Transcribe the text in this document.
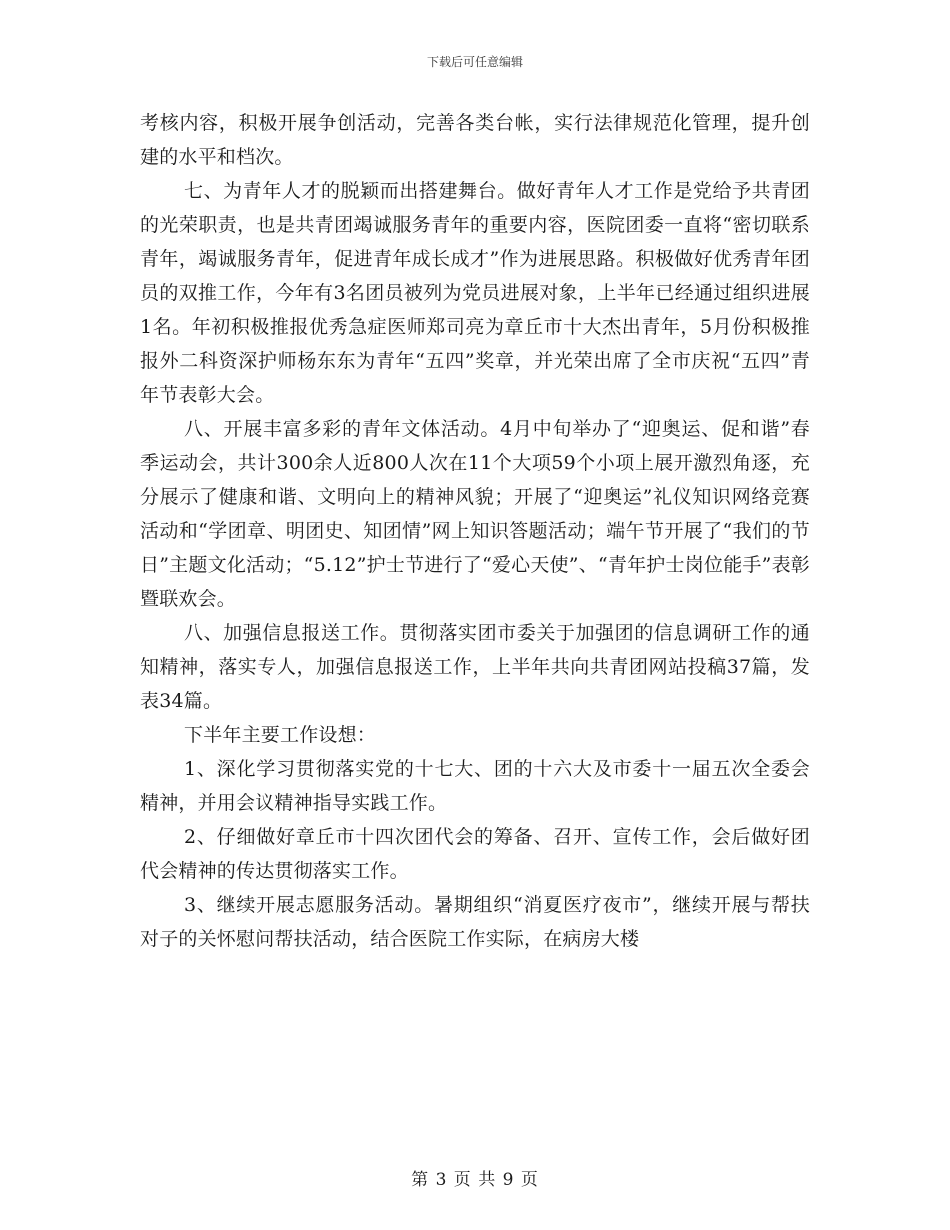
下载后可任意编辑

考核内容，积极开展争创活动，完善各类台帐，实行法律规范化管理，提升创建的水平和档次。

七、为青年人才的脱颖而出搭建舞台。做好青年人才工作是党给予共青团的光荣职责，也是共青团竭诚服务青年的重要内容，医院团委一直将“密切联系青年，竭诚服务青年，促进青年成长成才”作为进展思路。积极做好优秀青年团员的双推工作，今年有3名团员被列为党员进展对象，上半年已经通过组织进展1名。年初积极推报优秀急症医师郑司亮为章丘市十大杰出青年，5月份积极推报外二科资深护师杨东东为青年“五四”奖章，并光荣出席了全市庆祝“五四”青年节表彰大会。

八、开展丰富多彩的青年文体活动。4月中旬举办了“迎奥运、促和谐”春季运动会，共计300余人近800人次在11个大项59个小项上展开激烈角逐，充分展示了健康和谐、文明向上的精神风貌；开展了“迎奥运”礼仪知识网络竞赛活动和“学团章、明团史、知团情”网上知识答题活动；端午节开展了“我们的节日”主题文化活动；“5.12”护士节进行了“爱心天使”、“青年护士岗位能手”表彰暨联欢会。

八、加强信息报送工作。贯彻落实团市委关于加强团的信息调研工作的通知精神，落实专人，加强信息报送工作，上半年共向共青团网站投稿37篇，发表34篇。

下半年主要工作设想：

1、深化学习贯彻落实党的十七大、团的十六大及市委十一届五次全委会精神，并用会议精神指导实践工作。

2、仔细做好章丘市十四次团代会的筹备、召开、宣传工作，会后做好团代会精神的传达贯彻落实工作。

3、继续开展志愿服务活动。暑期组织“消夏医疗夜市”，继续开展与帮扶对子的关怀慰问帮扶活动，结合医院工作实际，在病房大楼

第 3 页 共 9 页
